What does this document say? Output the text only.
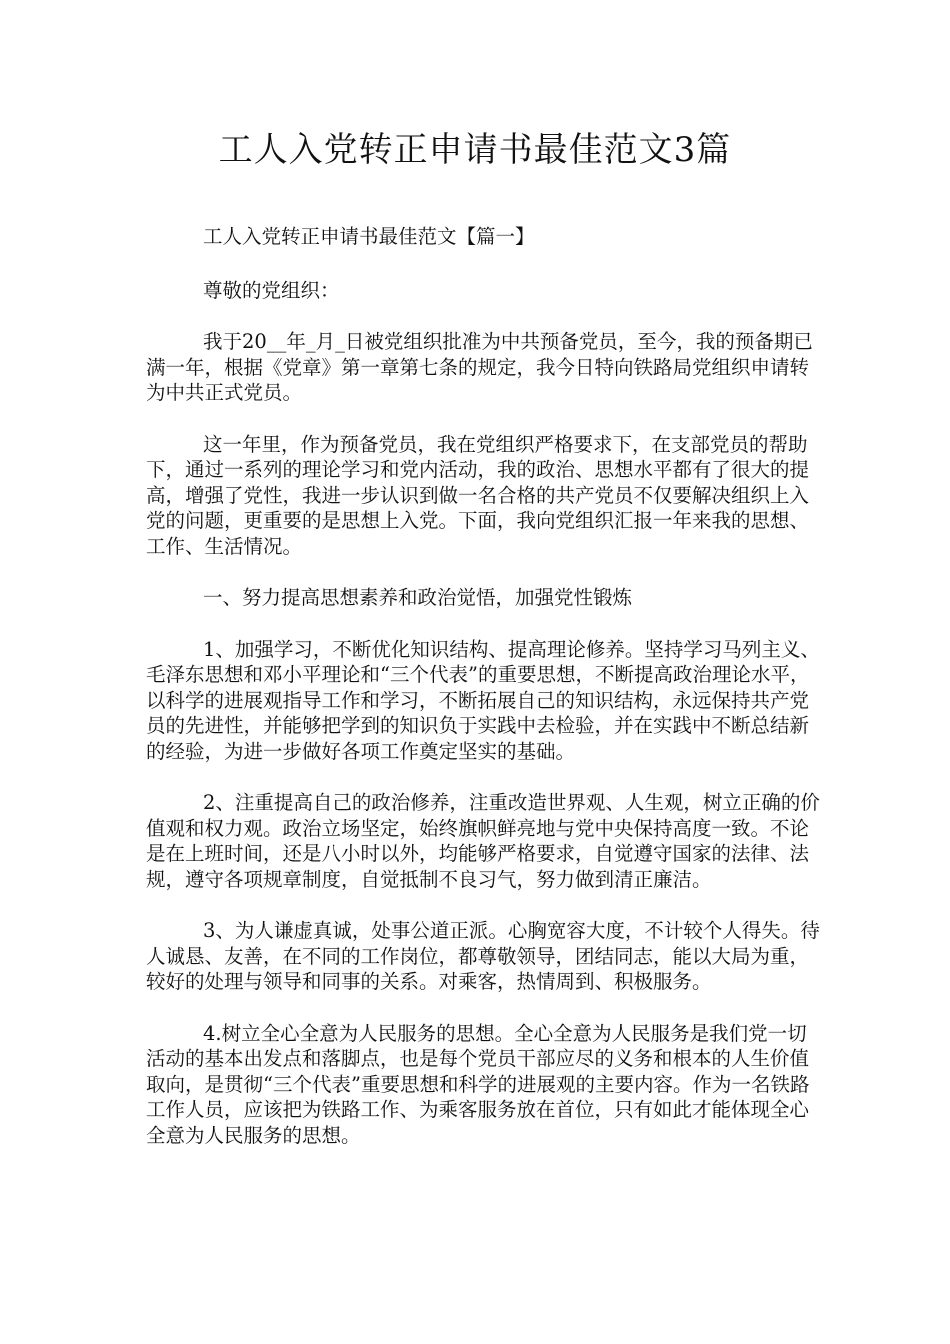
工人入党转正申请书最佳范文3篇

工人入党转正申请书最佳范文【篇一】

尊敬的党组织：

我于20__年_月_日被党组织批准为中共预备党员，至今，我的预备期已满一年，根据《党章》第一章第七条的规定，我今日特向铁路局党组织申请转为中共正式党员。

这一年里，作为预备党员，我在党组织严格要求下，在支部党员的帮助下，通过一系列的理论学习和党内活动，我的政治、思想水平都有了很大的提高，增强了党性，我进一步认识到做一名合格的共产党员不仅要解决组织上入党的问题，更重要的是思想上入党。下面，我向党组织汇报一年来我的思想、工作、生活情况。

一、努力提高思想素养和政治觉悟，加强党性锻炼

1、加强学习，不断优化知识结构、提高理论修养。坚持学习马列主义、毛泽东思想和邓小平理论和“三个代表”的重要思想，不断提高政治理论水平，以科学的进展观指导工作和学习，不断拓展自己的知识结构，永远保持共产党员的先进性，并能够把学到的知识负于实践中去检验，并在实践中不断总结新的经验，为进一步做好各项工作奠定坚实的基础。

2、注重提高自己的政治修养，注重改造世界观、人生观，树立正确的价值观和权力观。政治立场坚定，始终旗帜鲜亮地与党中央保持高度一致。不论是在上班时间，还是八小时以外，均能够严格要求，自觉遵守国家的法律、法规，遵守各项规章制度，自觉抵制不良习气，努力做到清正廉洁。

3、为人谦虚真诚，处事公道正派。心胸宽容大度，不计较个人得失。待人诚恳、友善，在不同的工作岗位，都尊敬领导，团结同志，能以大局为重，较好的处理与领导和同事的关系。对乘客，热情周到、积极服务。

4.树立全心全意为人民服务的思想。全心全意为人民服务是我们党一切活动的基本出发点和落脚点，也是每个党员干部应尽的义务和根本的人生价值取向，是贯彻“三个代表”重要思想和科学的进展观的主要内容。作为一名铁路工作人员，应该把为铁路工作、为乘客服务放在首位，只有如此才能体现全心全意为人民服务的思想。
